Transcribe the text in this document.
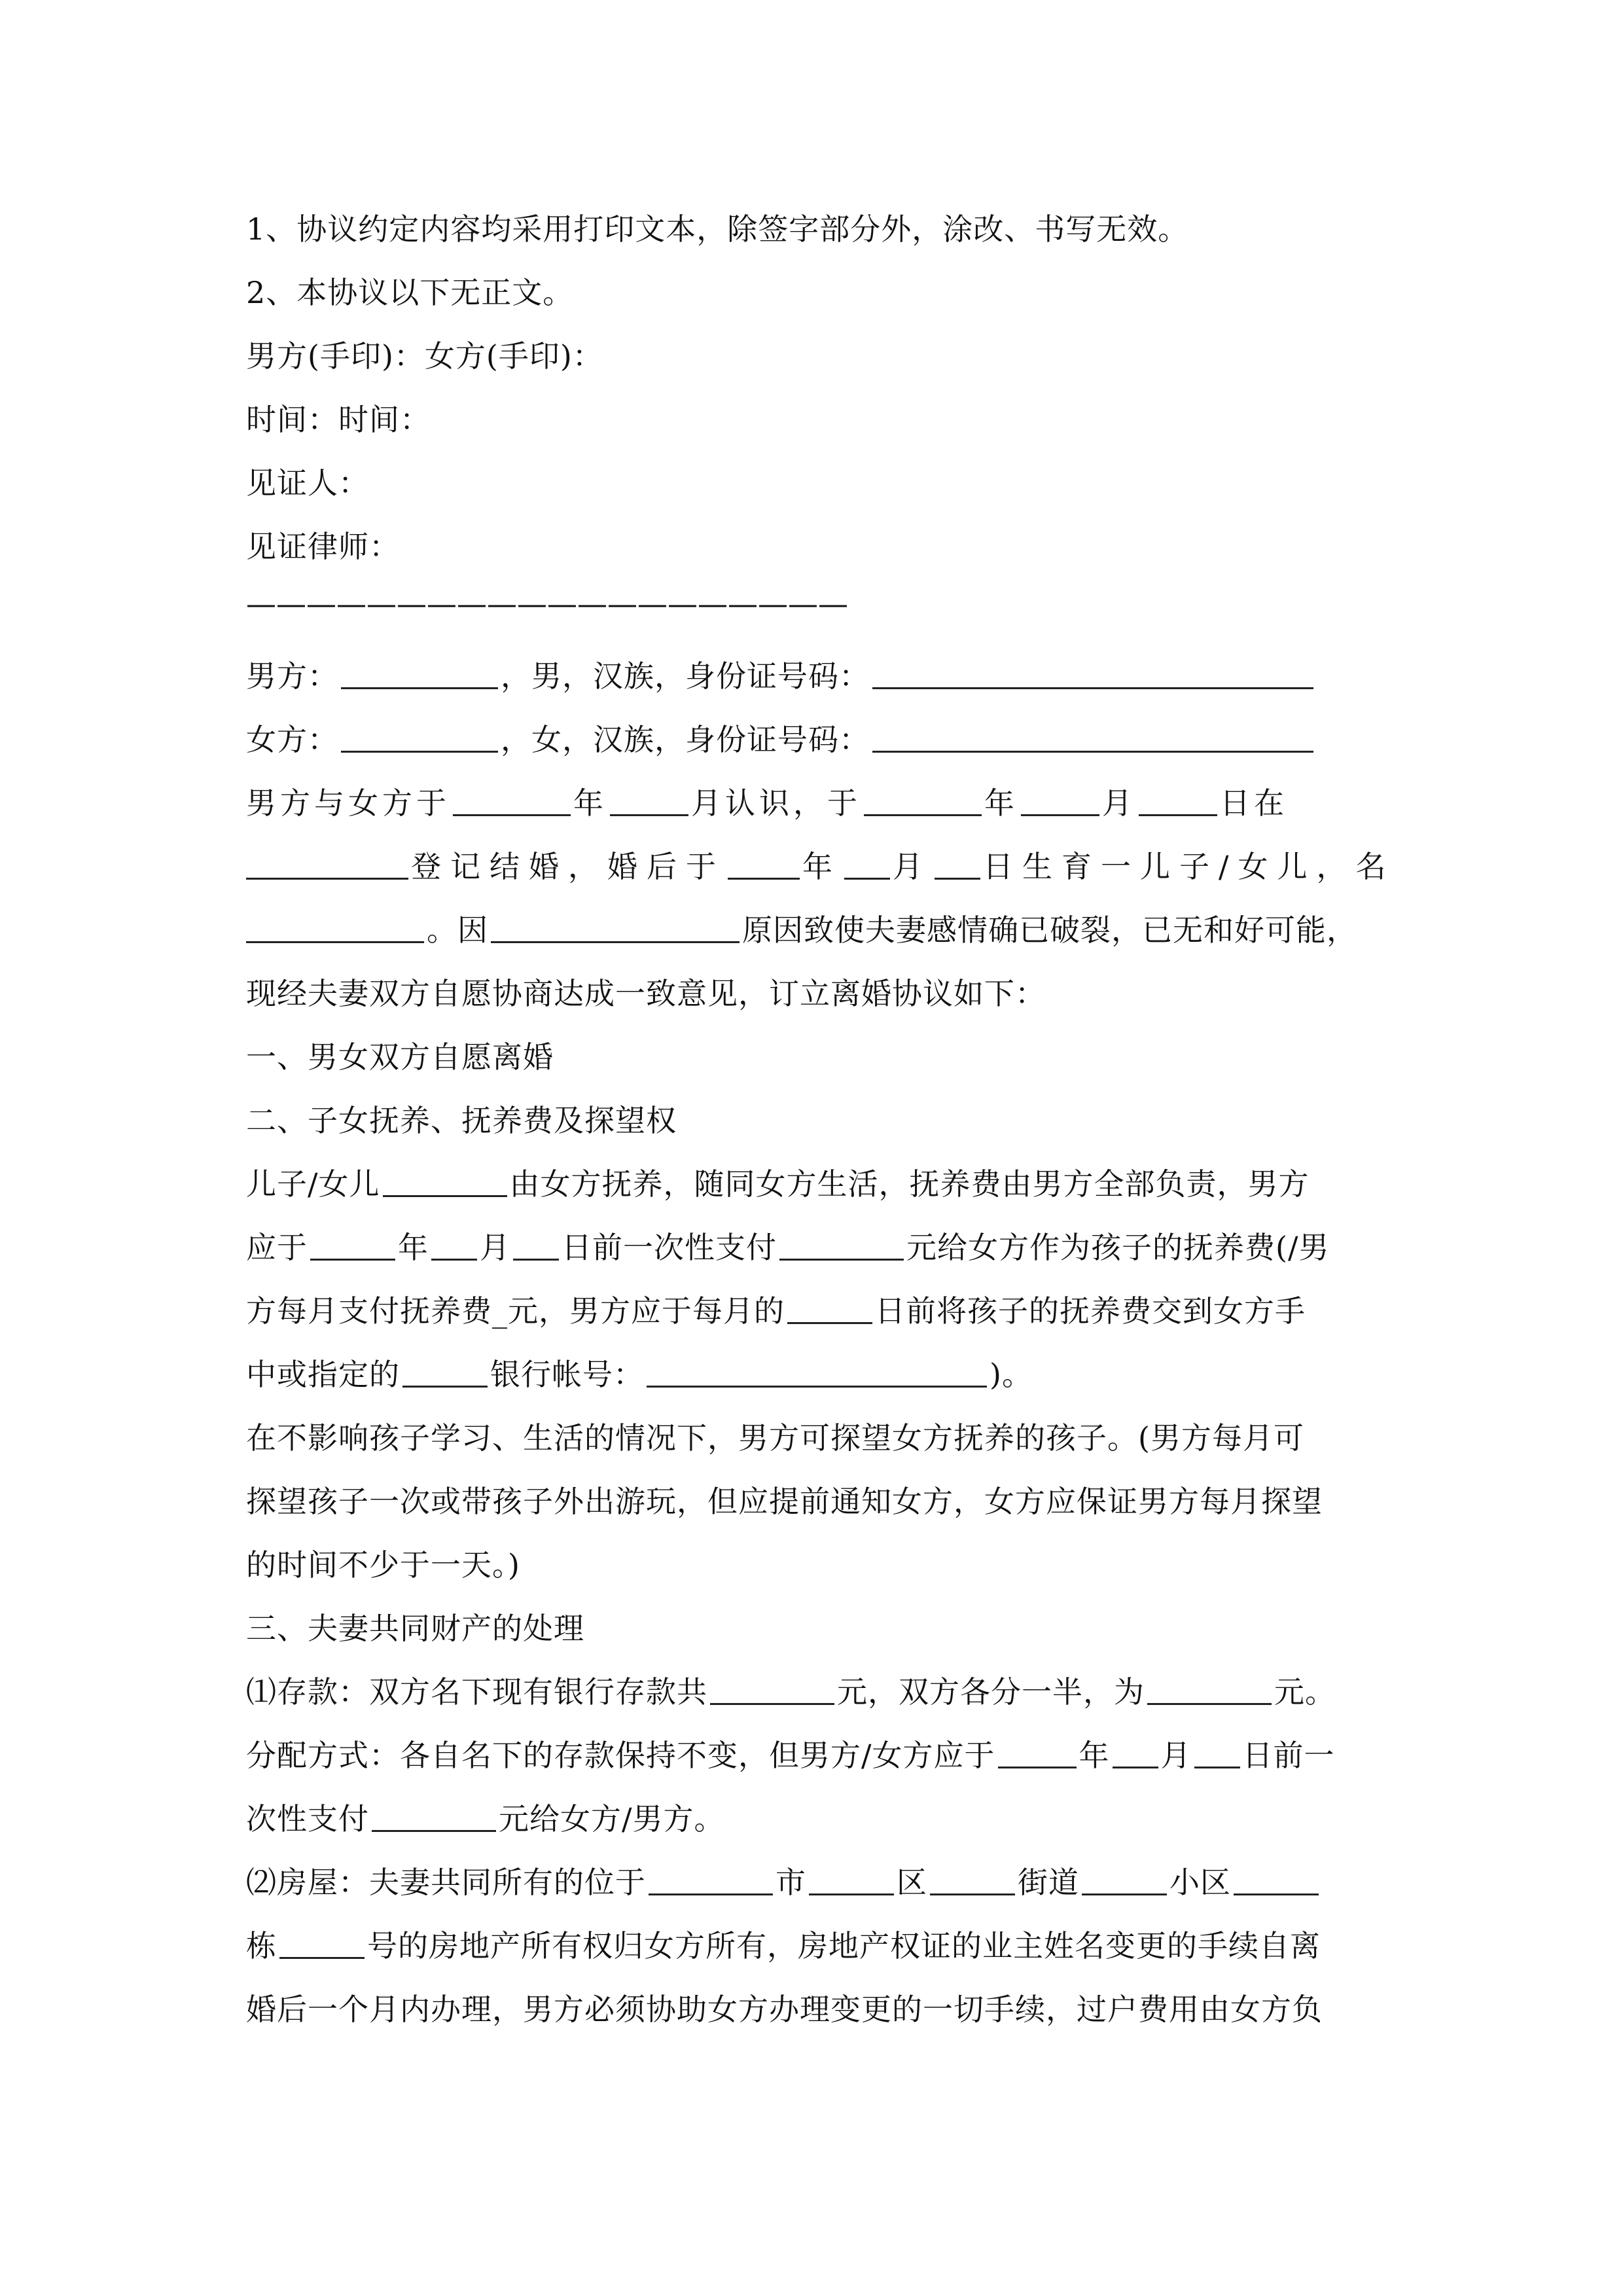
1、协议约定内容均采用打印文本，除签字部分外，涂改、书写无效。
2、本协议以下无正文。
男方(手印)：女方(手印)：
时间：时间：
见证人：
见证律师：
————————————————————
男方：	，男，汉族，身份证号码：
女方：	，女，汉族，身份证号码：
男方与女方于	年	月认识，于	年	月	日在
登记结婚，婚后于	年 月 日生育一儿子/女儿，名
。因	原因致使夫妻感情确已破裂，已无和好可能，
现经夫妻双方自愿协商达成一致意见，订立离婚协议如下：
一、男女双方自愿离婚
二、子女抚养、抚养费及探望权
儿子/女儿	由女方抚养，随同女方生活，抚养费由男方全部负责，男方
应于	年 月 日前一次性支付	元给女方作为孩子的抚养费(/男
方每月支付抚养费_元，男方应于每月的	日前将孩子的抚养费交到女方手
中或指定的	银行帐号：	)。
在不影响孩子学习、生活的情况下，男方可探望女方抚养的孩子。(男方每月可
探望孩子一次或带孩子外出游玩，但应提前通知女方，女方应保证男方每月探望
的时间不少于一天。)
三、夫妻共同财产的处理
⑴存款：双方名下现有银行存款共	元，双方各分一半，为	元。
分配方式：各自名下的存款保持不变，但男方/女方应于	年 月 日前一
次性支付	元给女方/男方。
⑵房屋：夫妻共同所有的位于	市	区	街道	小区
栋	号的房地产所有权归女方所有，房地产权证的业主姓名变更的手续自离
婚后一个月内办理，男方必须协助女方办理变更的一切手续，过户费用由女方负
